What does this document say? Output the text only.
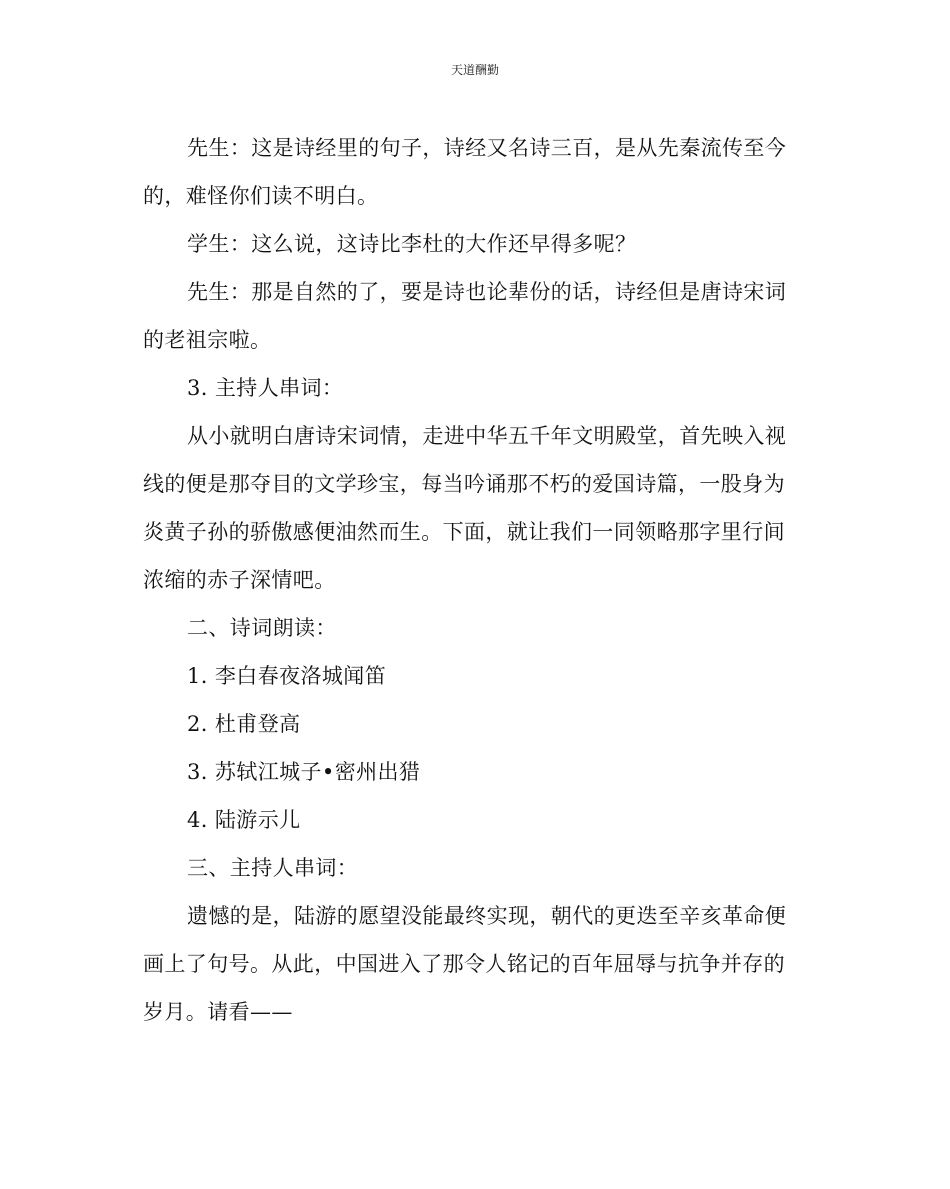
天道酬勤

先生：这是诗经里的句子，诗经又名诗三百，是从先秦流传至今

的，难怪你们读不明白。

学生：这么说，这诗比李杜的大作还早得多呢？

先生：那是自然的了，要是诗也论辈份的话，诗经但是唐诗宋词

的老祖宗啦。

3. 主持人串词：

从小就明白唐诗宋词情，走进中华五千年文明殿堂，首先映入视

线的便是那夺目的文学珍宝，每当吟诵那不朽的爱国诗篇，一股身为

炎黄子孙的骄傲感便油然而生。下面，就让我们一同领略那字里行间

浓缩的赤子深情吧。

二、诗词朗读：

1. 李白春夜洛城闻笛

2. 杜甫登高

3. 苏轼江城子•密州出猎

4. 陆游示儿

三、主持人串词：

遗憾的是，陆游的愿望没能最终实现，朝代的更迭至辛亥革命便

画上了句号。从此，中国进入了那令人铭记的百年屈辱与抗争并存的

岁月。请看——
